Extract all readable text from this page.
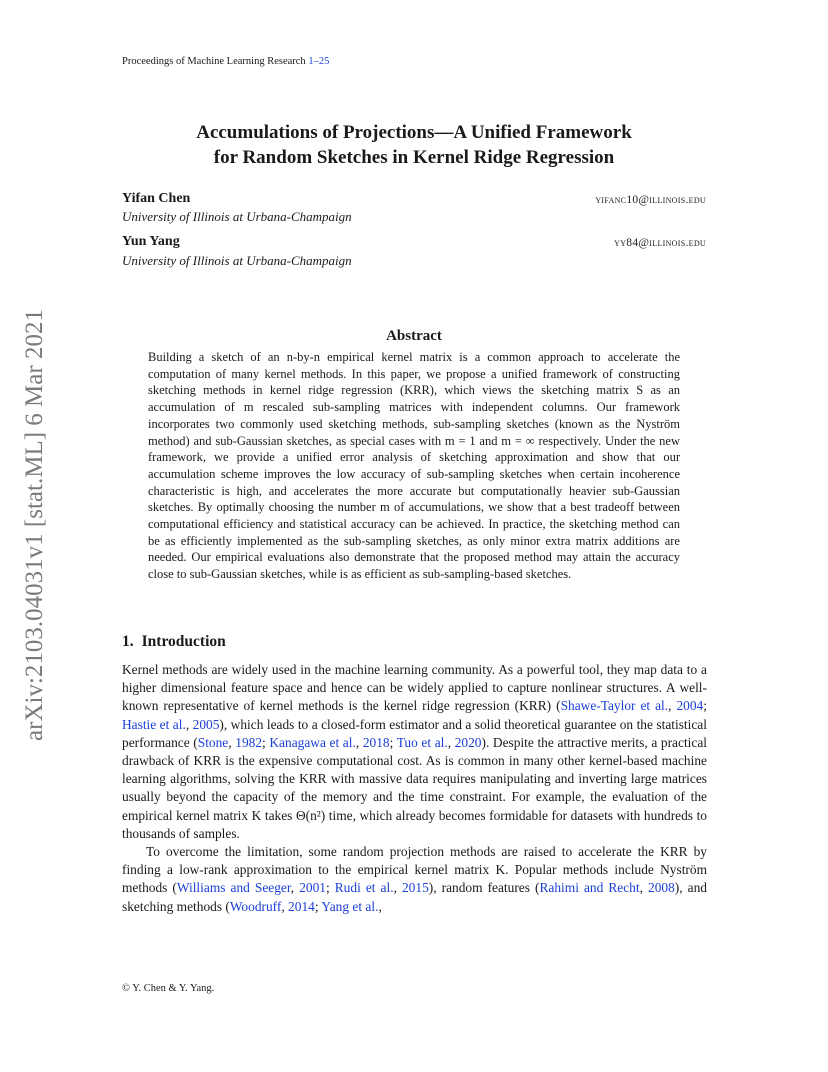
Proceedings of Machine Learning Research 1–25
Accumulations of Projections—A Unified Framework
for Random Sketches in Kernel Ridge Regression
Yifan Chen	yifanc10@illinois.edu
University of Illinois at Urbana-Champaign
Yun Yang	yy84@illinois.edu
University of Illinois at Urbana-Champaign
arXiv:2103.04031v1 [stat.ML] 6 Mar 2021	Abstract
Building a sketch of an n-by-n empirical kernel matrix is a common approach to accelerate the computation of many kernel methods. In this paper, we propose a unified framework of constructing sketching methods in kernel ridge regression (KRR), which views the sketching matrix S as an accumulation of m rescaled sub-sampling matrices with independent columns. Our framework incorporates two commonly used sketching methods, sub-sampling sketches (known as the Nyström method) and sub-Gaussian sketches, as special cases with m = 1 and m = ∞ respectively. Under the new framework, we provide a unified error analysis of sketching approximation and show that our accumulation scheme improves the low accuracy of sub-sampling sketches when certain incoherence characteristic is high, and accelerates the more accurate but computationally heavier sub-Gaussian sketches. By optimally choosing the number m of accumulations, we show that a best tradeoff between computational efficiency and statistical accuracy can be achieved. In practice, the sketching method can be as efficiently implemented as the sub-sampling sketches, as only minor extra matrix additions are needed. Our empirical evaluations also demonstrate that the proposed method may attain the accuracy close to sub-Gaussian sketches, while is as efficient as sub-sampling-based sketches.
1. Introduction

Kernel methods are widely used in the machine learning community. As a powerful tool, they map data to a higher dimensional feature space and hence can be widely applied to capture nonlinear structures. A well-known representative of kernel methods is the kernel ridge regression (KRR) (Shawe-Taylor et al., 2004; Hastie et al., 2005), which leads to a closed-form estimator and a solid theoretical guarantee on the statistical performance (Stone, 1982; Kanagawa et al., 2018; Tuo et al., 2020). Despite the attractive merits, a practical drawback of KRR is the expensive computational cost. As is common in many other kernel-based machine learning algorithms, solving the KRR with massive data requires manipulating and inverting large matrices usually beyond the capacity of the memory and the time constraint. For example, the evaluation of the empirical kernel matrix K takes Θ(n²) time, which already becomes formidable for datasets with hundreds to thousands of samples.

To overcome the limitation, some random projection methods are raised to accelerate the KRR by finding a low-rank approximation to the empirical kernel matrix K. Popular methods include Nyström methods (Williams and Seeger, 2001; Rudi et al., 2015), random features (Rahimi and Recht, 2008), and sketching methods (Woodruff, 2014; Yang et al.,

© Y. Chen & Y. Yang.
